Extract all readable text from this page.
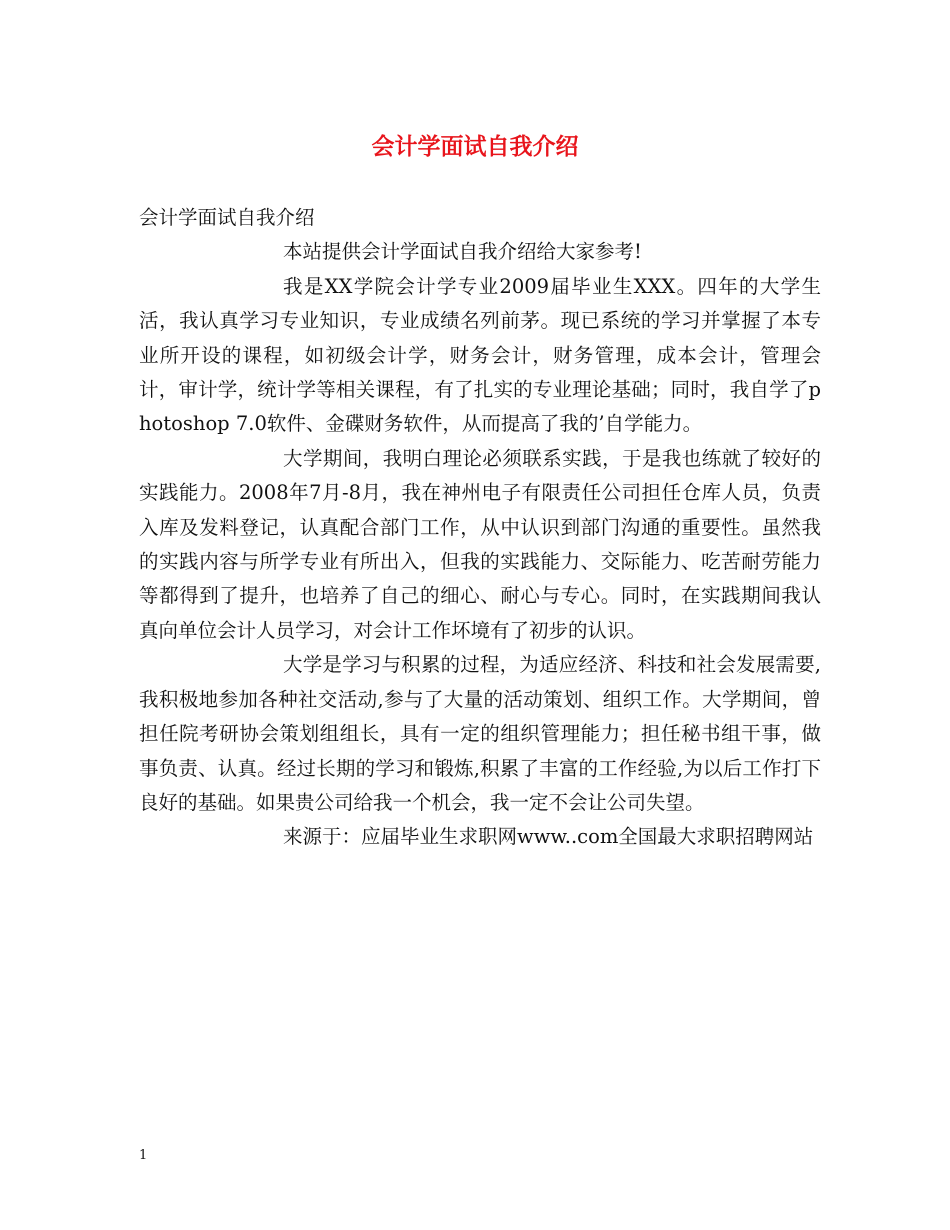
会计学面试自我介绍

会计学面试自我介绍

本站提供会计学面试自我介绍给大家参考!

我是XX学院会计学专业2009届毕业生XXX。四年的大学生活，我认真学习专业知识，专业成绩名列前茅。现已系统的学习并掌握了本专业所开设的课程，如初级会计学，财务会计，财务管理，成本会计，管理会计，审计学，统计学等相关课程，有了扎实的专业理论基础；同时，我自学了photoshop 7.0软件、金碟财务软件，从而提高了我的’自学能力。

大学期间，我明白理论必须联系实践，于是我也练就了较好的实践能力。2008年7月-8月，我在神州电子有限责任公司担任仓库人员，负责入库及发料登记，认真配合部门工作，从中认识到部门沟通的重要性。虽然我的实践内容与所学专业有所出入，但我的实践能力、交际能力、吃苦耐劳能力等都得到了提升，也培养了自己的细心、耐心与专心。同时，在实践期间我认真向单位会计人员学习，对会计工作坏境有了初步的认识。

大学是学习与积累的过程，为适应经济、科技和社会发展需要,我积极地参加各种社交活动,参与了大量的活动策划、组织工作。大学期间，曾担任院考研协会策划组组长，具有一定的组织管理能力；担任秘书组干事，做事负责、认真。经过长期的学习和锻炼,积累了丰富的工作经验,为以后工作打下良好的基础。如果贵公司给我一个机会，我一定不会让公司失望。

来源于：应届毕业生求职网www..com全国最大求职招聘网站

1
